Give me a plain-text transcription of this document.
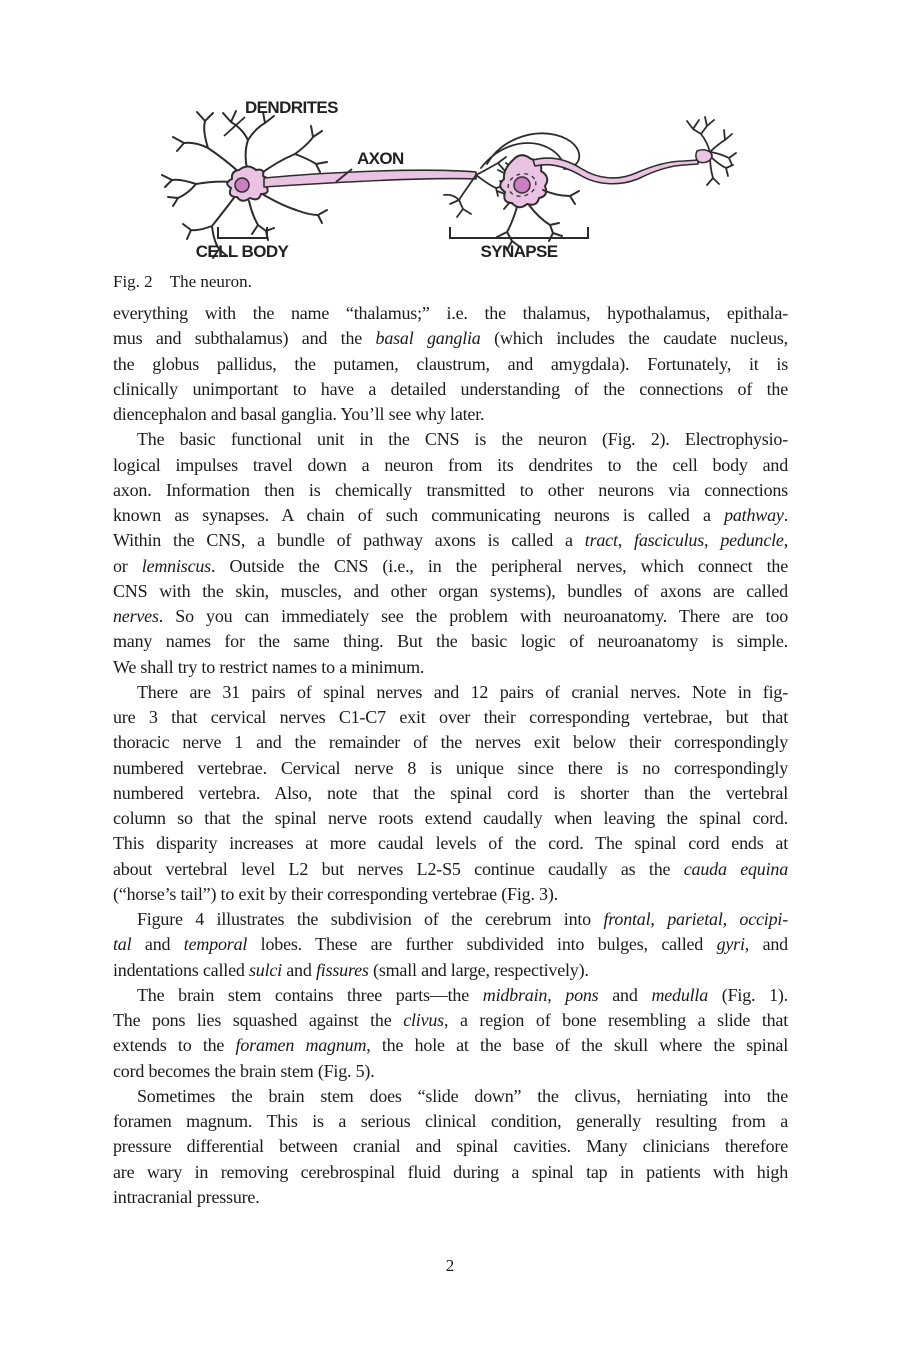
DENDRITES
AXON
CELL BODY	SYNAPSE
Fig. 2 The neuron.
everything with the name “thalamus;” i.e. the thalamus, hypothalamus, epithala-
mus and subthalamus) and the basal ganglia (which includes the caudate nucleus,
the globus pallidus, the putamen, claustrum, and amygdala). Fortunately, it is
clinically unimportant to have a detailed understanding of the connections of the
diencephalon and basal ganglia. You’ll see why later.
The basic functional unit in the CNS is the neuron (Fig. 2). Electrophysio-
logical impulses travel down a neuron from its dendrites to the cell body and
axon. Information then is chemically transmitted to other neurons via connections
known as synapses. A chain of such communicating neurons is called a pathway.
Within the CNS, a bundle of pathway axons is called a tract, fasciculus, peduncle,
or lemniscus. Outside the CNS (i.e., in the peripheral nerves, which connect the
CNS with the skin, muscles, and other organ systems), bundles of axons are called
nerves. So you can immediately see the problem with neuroanatomy. There are too
many names for the same thing. But the basic logic of neuroanatomy is simple.
We shall try to restrict names to a minimum.
There are 31 pairs of spinal nerves and 12 pairs of cranial nerves. Note in fig-
ure 3 that cervical nerves C1-C7 exit over their corresponding vertebrae, but that
thoracic nerve 1 and the remainder of the nerves exit below their correspondingly
numbered vertebrae. Cervical nerve 8 is unique since there is no correspondingly
numbered vertebra. Also, note that the spinal cord is shorter than the vertebral
column so that the spinal nerve roots extend caudally when leaving the spinal cord.
This disparity increases at more caudal levels of the cord. The spinal cord ends at
about vertebral level L2 but nerves L2-S5 continue caudally as the cauda equina
(“horse’s tail”) to exit by their corresponding vertebrae (Fig. 3).
Figure 4 illustrates the subdivision of the cerebrum into frontal, parietal, occipi-
tal and temporal lobes. These are further subdivided into bulges, called gyri, and
indentations called sulci and fissures (small and large, respectively).
The brain stem contains three parts—the midbrain, pons and medulla (Fig. 1).
The pons lies squashed against the clivus, a region of bone resembling a slide that
extends to the foramen magnum, the hole at the base of the skull where the spinal
cord becomes the brain stem (Fig. 5).
Sometimes the brain stem does “slide down” the clivus, herniating into the
foramen magnum. This is a serious clinical condition, generally resulting from a
pressure differential between cranial and spinal cavities. Many clinicians therefore
are wary in removing cerebrospinal fluid during a spinal tap in patients with high
intracranial pressure.
2
